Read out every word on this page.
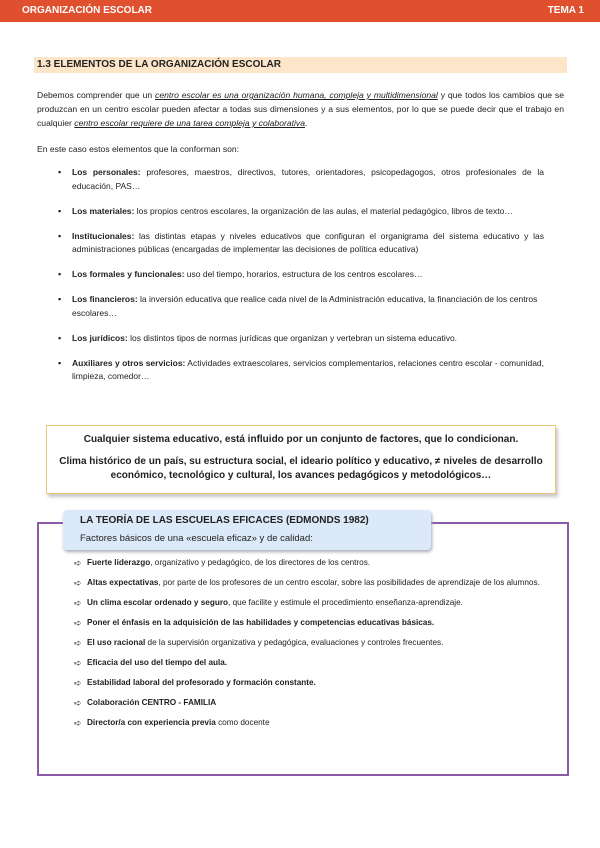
ORGANIZACIÓN ESCOLAR	TEMA 1
1.3 ELEMENTOS DE LA ORGANIZACIÓN ESCOLAR
Debemos comprender que un centro escolar es una organización humana, compleja y multidimensional y que todos los cambios que se produzcan en un centro escolar pueden afectar a todas sus dimensiones y a sus elementos, por lo que se puede decir que el trabajo en cualquier centro escolar requiere de una tarea compleja y colaborativa.
En este caso estos elementos que la conforman son:
▪ Los personales: profesores, maestros, directivos, tutores, orientadores, psicopedagogos, otros profesionales de la educación, PAS…
▪ Los materiales: los propios centros escolares, la organización de las aulas, el material pedagógico, libros de texto…
▪ Institucionales: las distintas etapas y niveles educativos que configuran el organigrama del sistema educativo y las administraciones públicas (encargadas de implementar las decisiones de política educativa)
▪ Los formales y funcionales: uso del tiempo, horarios, estructura de los centros escolares…
▪ Los financieros: la inversión educativa que realice cada nivel de la Administración educativa, la financiación de los centros escolares…
▪ Los jurídicos: los distintos tipos de normas jurídicas que organizan y vertebran un sistema educativo.
▪ Auxiliares y otros servicios: Actividades extraescolares, servicios complementarios, relaciones centro escolar - comunidad, limpieza, comedor…
Cualquier sistema educativo, está influido por un conjunto de factores, que lo condicionan.
Clima histórico de un país, su estructura social, el ideario político y educativo, ≠ niveles de desarrollo económico, tecnológico y cultural, los avances pedagógicos y metodológicos…
LA TEORÍA DE LAS ESCUELAS EFICACES (EDMONDS 1982)
Factores básicos de una «escuela eficaz» y de calidad:
➪ Fuerte liderazgo, organizativo y pedagógico, de los directores de los centros.
➪ Altas expectativas, por parte de los profesores de un centro escolar, sobre las posibilidades de aprendizaje de los alumnos.
➪ Un clima escolar ordenado y seguro, que facilite y estimule el procedimiento enseñanza-aprendizaje.
➪ Poner el énfasis en la adquisición de las habilidades y competencias educativas básicas.
➪ El uso racional de la supervisión organizativa y pedagógica, evaluaciones y controles frecuentes.
➪ Eficacia del uso del tiempo del aula.
➪ Estabilidad laboral del profesorado y formación constante.
➪ Colaboración CENTRO - FAMILIA
➪ Director/a con experiencia previa como docente
